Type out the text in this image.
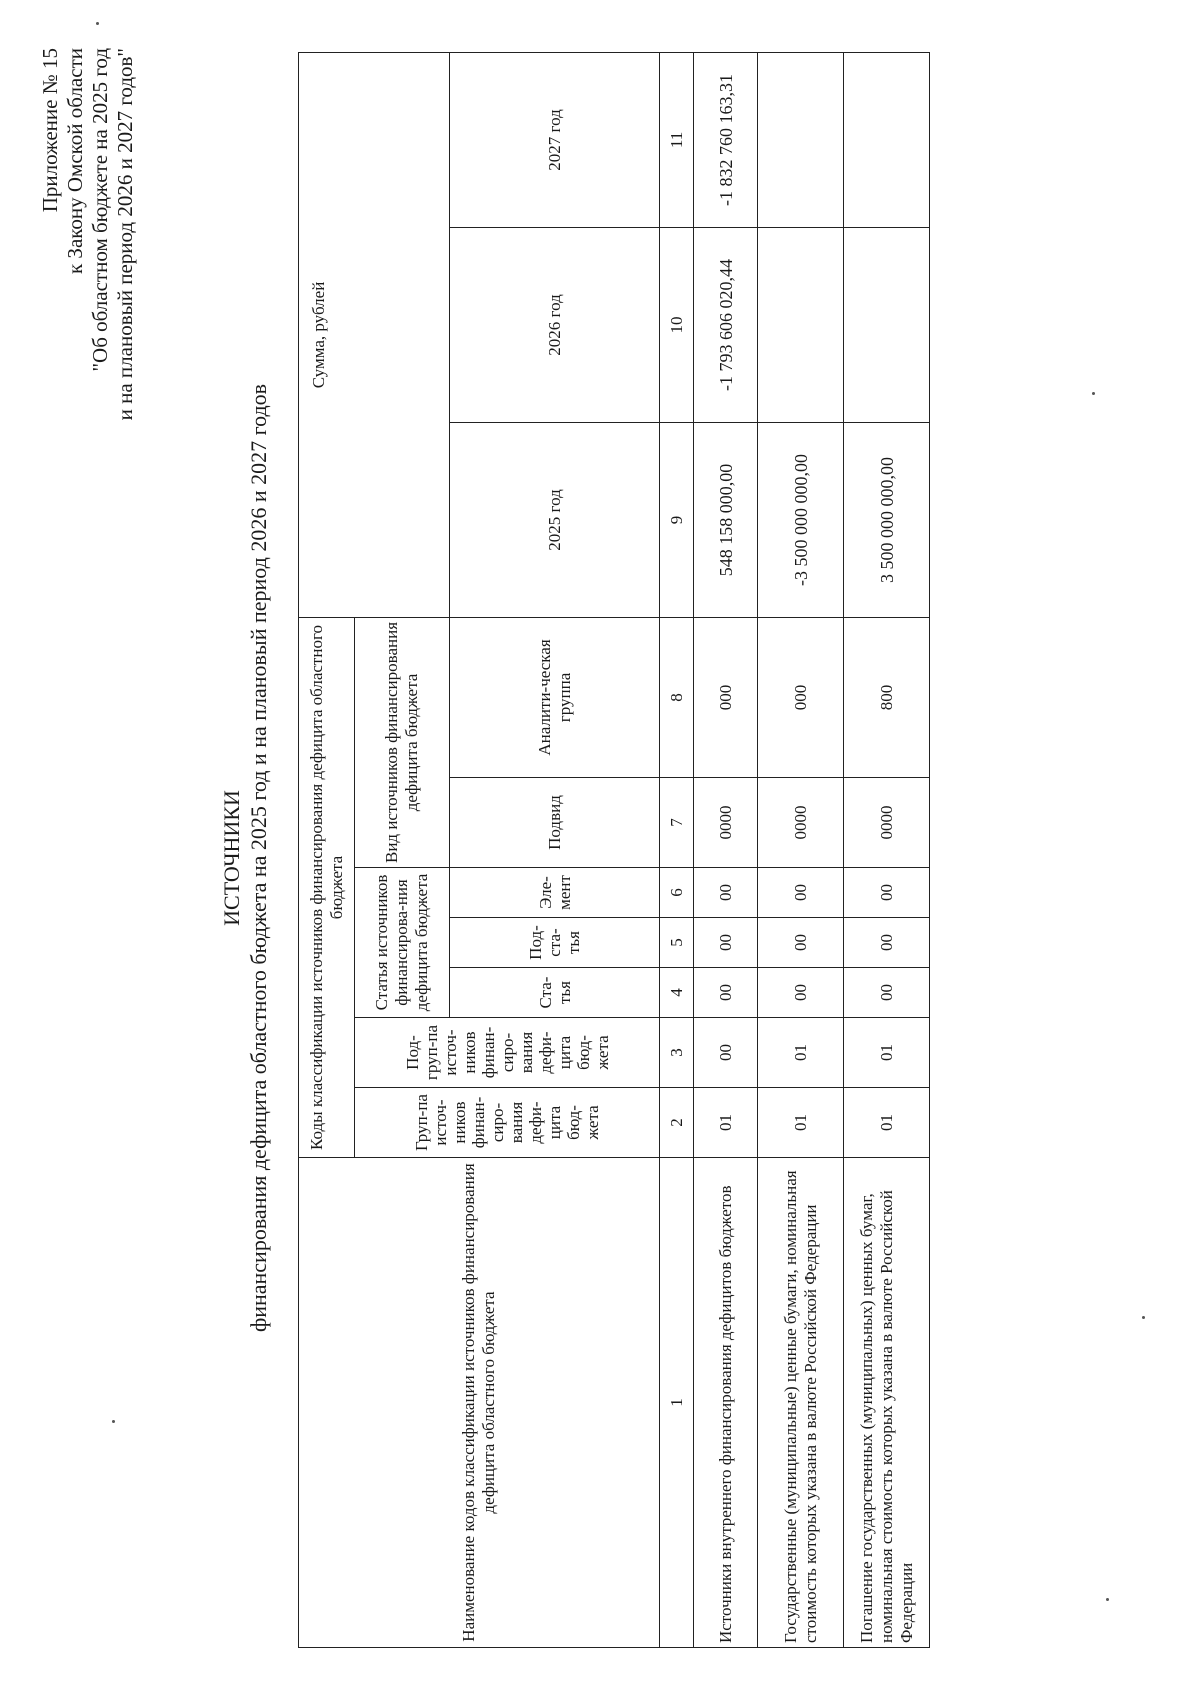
Приложение № 15 к Закону Омской области "Об областном бюджете на 2025 год и на плановый период 2026 и 2027 годов"
ИСТОЧНИКИ финансирования дефицита областного бюджета на 2025 год и на плановый период 2026 и 2027 годов
Наименование кодов классификации источников финансирования дефицита областного бюджета	Коды классификации источников финансирования дефицита областного бюджета							Сумма, рублей		
	Груп-па источ-ников финан-сиро-вания дефи-цита бюд-жета	Под-груп-па источ-ников финан-сиро-вания дефи-цита бюд-жета	Статья источников финансирова-ния дефицита бюджета			Вид источников финансирования дефицита бюджета				
			Ста-тья	Под-ста-тья	Эле-мент	Подвид	Аналити-ческая группа	2025 год	2026 год	2027 год
1	2	3	4	5	6	7	8	9	10	11
Источники внутреннего финансирования дефицитов бюджетов	01	00	00	00	00	0000	000	548 158 000,00	-1 793 606 020,44	-1 832 760 163,31
Государственные (муниципальные) ценные бумаги, номинальная стоимость которых указана в валюте Российской Федерации	01	01	00	00	00	0000	000	-3 500 000 000,00		
Погашение государственных (муниципальных) ценных бумаг, номинальная стоимость которых указана в валюте Российской Федерации	01	01	00	00	00	0000	800	3 500 000 000,00		
